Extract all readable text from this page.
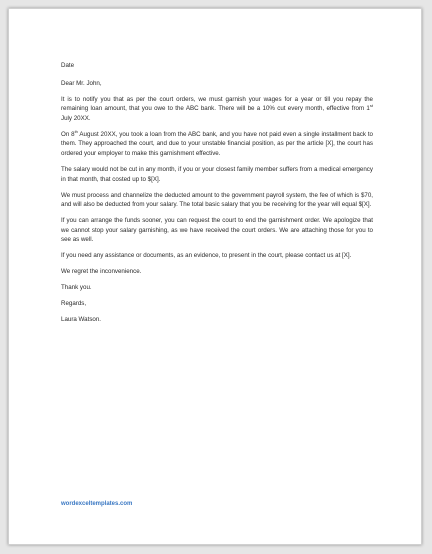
Date

Dear Mr. John,

It is to notify you that as per the court orders, we must garnish your wages for a year or till you repay the remaining loan amount, that you owe to the ABC bank. There will be a 10% cut every month, effective from 1st July 20XX.

On 8th August 20XX, you took a loan from the ABC bank, and you have not paid even a single installment back to them. They approached the court, and due to your unstable financial position, as per the article [X], the court has ordered your employer to make this garnishment effective.

The salary would not be cut in any month, if you or your closest family member suffers from a medical emergency in that month, that costed up to $[X].

We must process and channelize the deducted amount to the government payroll system, the fee of which is $70, and will also be deducted from your salary. The total basic salary that you be receiving for the year will equal $[X].

If you can arrange the funds sooner, you can request the court to end the garnishment order. We apologize that we cannot stop your salary garnishing, as we have received the court orders. We are attaching those for you to see as well.

If you need any assistance or documents, as an evidence, to present in the court, please contact us at [X].

We regret the inconvenience.

Thank you.

Regards,

Laura Watson.

wordexceltemplates.com
